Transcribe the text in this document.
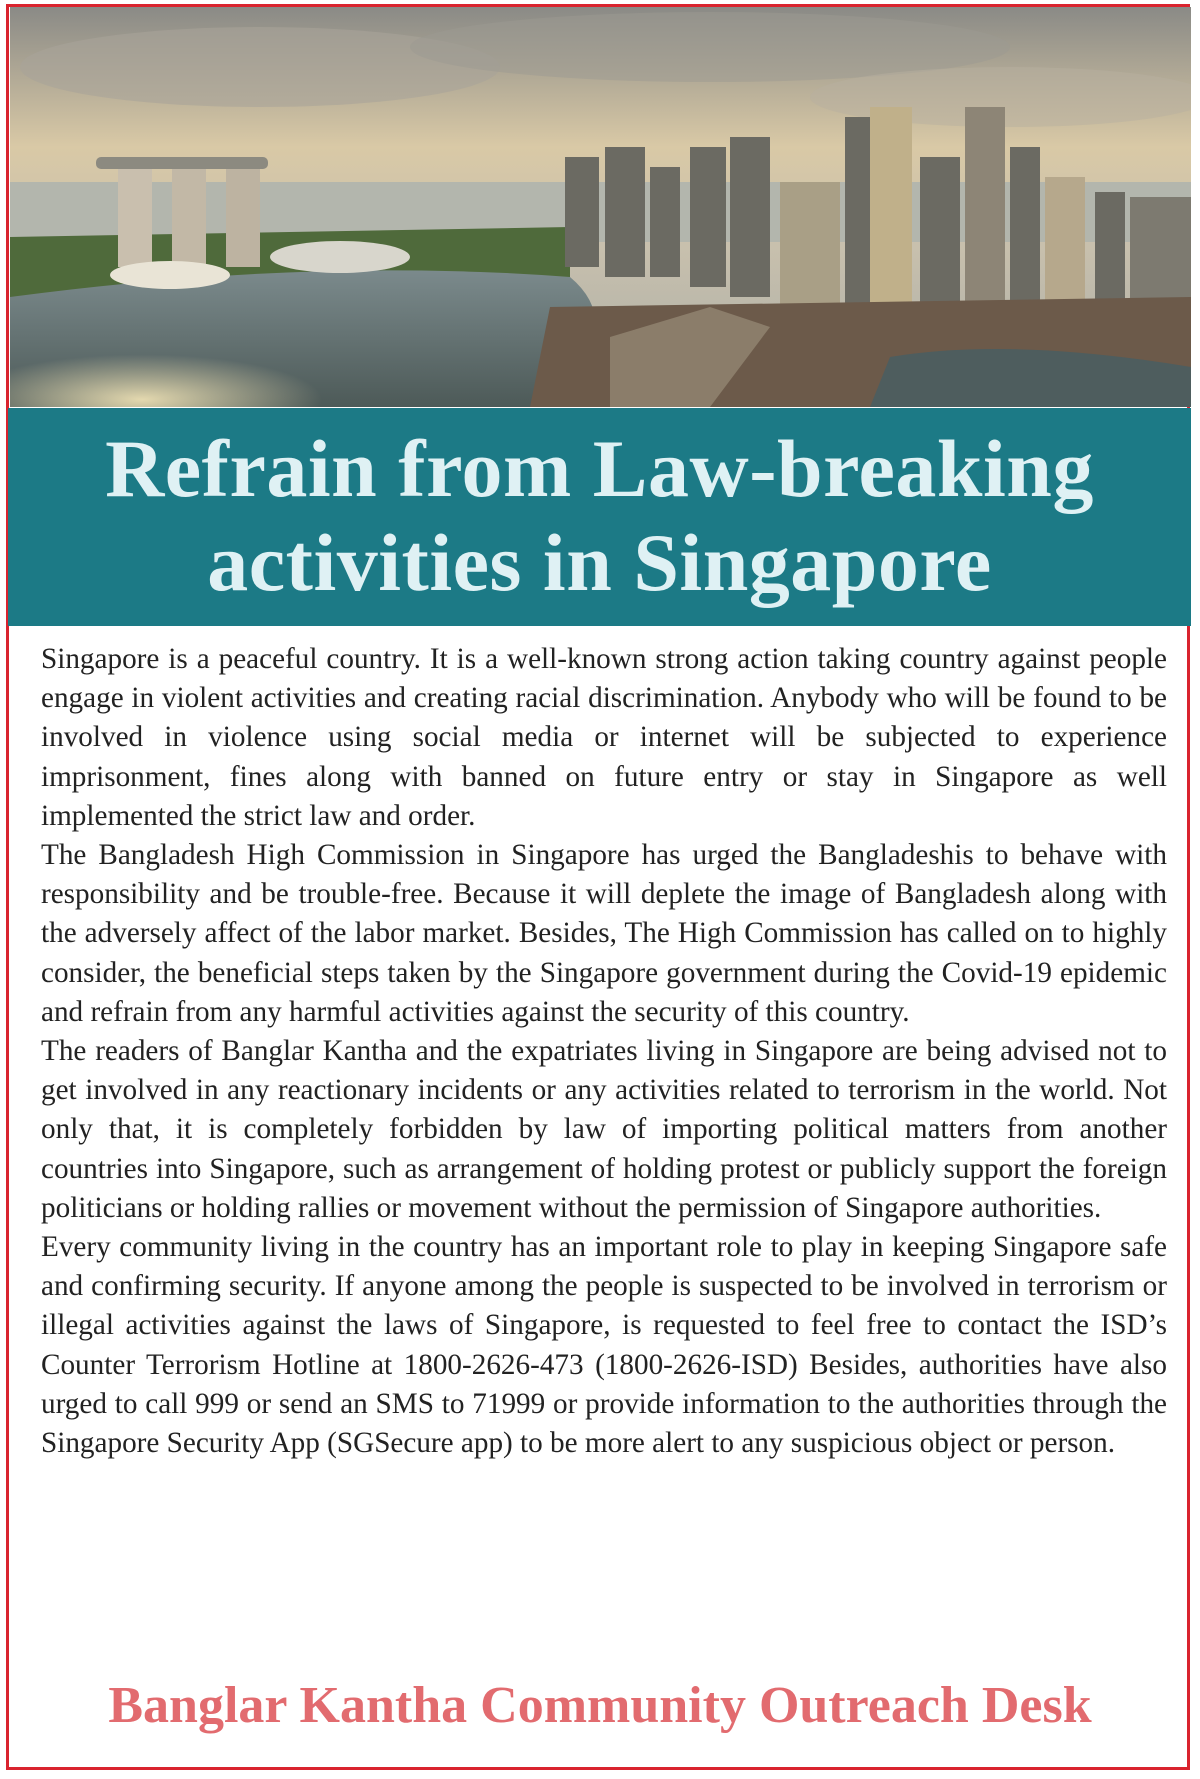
Refrain from Law-breaking
activities in Singapore

Singapore is a peaceful country. It is a well-known strong action taking country against people engage in violent activities and creating racial discrimination. Anybody who will be found to be involved in violence using social media or internet will be subjected to experience imprisonment, fines along with banned on future entry or stay in Singapore as well implemented the strict law and order.

The Bangladesh High Commission in Singapore has urged the Bangladeshis to behave with responsibility and be trouble-free. Because it will deplete the image of Bangladesh along with the adversely affect of the labor market. Besides, The High Commission has called on to highly consider, the beneficial steps taken by the Singapore government during the Covid-19 epidemic and refrain from any harmful activities against the security of this country.

The readers of Banglar Kantha and the expatriates living in Singapore are being advised not to get involved in any reactionary incidents or any activities related to terrorism in the world. Not only that, it is completely forbidden by law of importing political matters from another countries into Singapore, such as arrangement of holding protest or publicly support the foreign politicians or holding rallies or movement without the permission of Singapore authorities.

Every community living in the country has an important role to play in keeping Singapore safe and confirming security. If anyone among the people is suspected to be involved in terrorism or illegal activities against the laws of Singapore, is requested to feel free to contact the ISD’s Counter Terrorism Hotline at 1800-2626-473 (1800-2626-ISD) Besides, authorities have also urged to call 999 or send an SMS to 71999 or provide information to the authorities through the Singapore Security App (SGSecure app) to be more alert to any suspicious object or person.

Banglar Kantha Community Outreach Desk
